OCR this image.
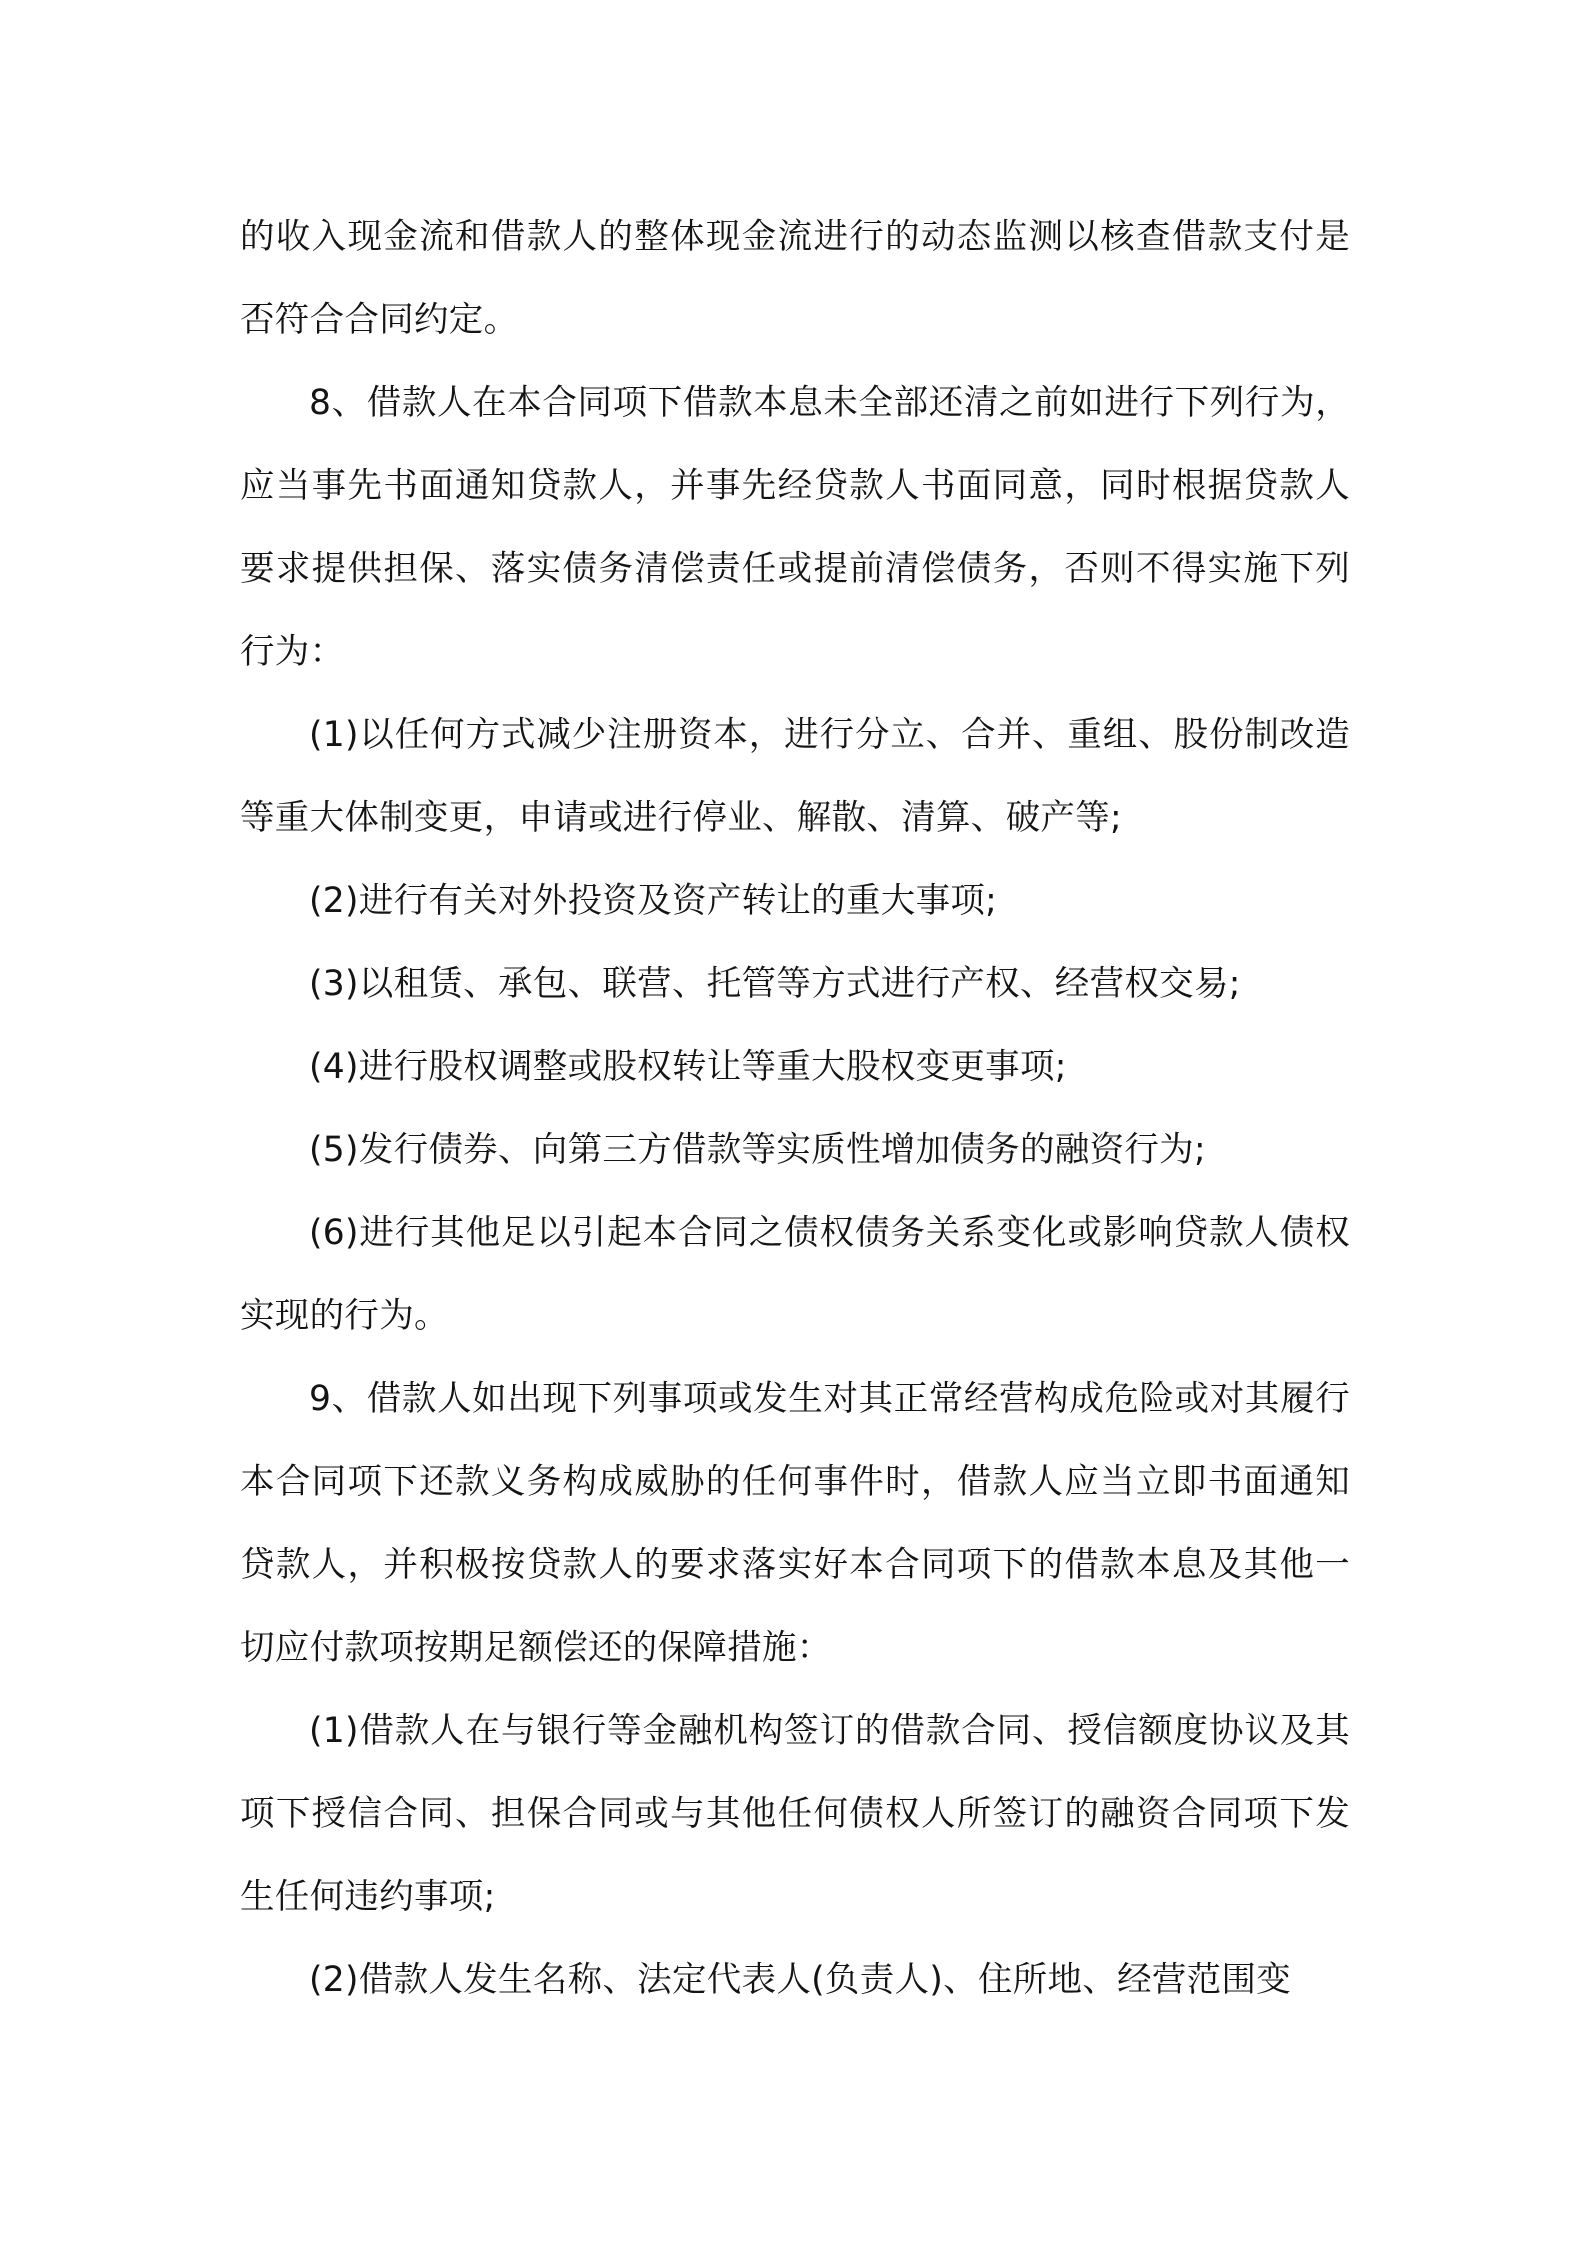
的收入现金流和借款人的整体现金流进行的动态监测以核查借款支付是否符合合同约定。

8、借款人在本合同项下借款本息未全部还清之前如进行下列行为，应当事先书面通知贷款人，并事先经贷款人书面同意，同时根据贷款人要求提供担保、落实债务清偿责任或提前清偿债务，否则不得实施下列行为：

(1)以任何方式减少注册资本，进行分立、合并、重组、股份制改造等重大体制变更，申请或进行停业、解散、清算、破产等;

(2)进行有关对外投资及资产转让的重大事项;

(3)以租赁、承包、联营、托管等方式进行产权、经营权交易;

(4)进行股权调整或股权转让等重大股权变更事项;

(5)发行债券、向第三方借款等实质性增加债务的融资行为;

(6)进行其他足以引起本合同之债权债务关系变化或影响贷款人债权实现的行为。

9、借款人如出现下列事项或发生对其正常经营构成危险或对其履行本合同项下还款义务构成威胁的任何事件时，借款人应当立即书面通知贷款人，并积极按贷款人的要求落实好本合同项下的借款本息及其他一切应付款项按期足额偿还的保障措施：

(1)借款人在与银行等金融机构签订的借款合同、授信额度协议及其项下授信合同、担保合同或与其他任何债权人所签订的融资合同项下发生任何违约事项;

(2)借款人发生名称、法定代表人(负责人)、住所地、经营范围变
